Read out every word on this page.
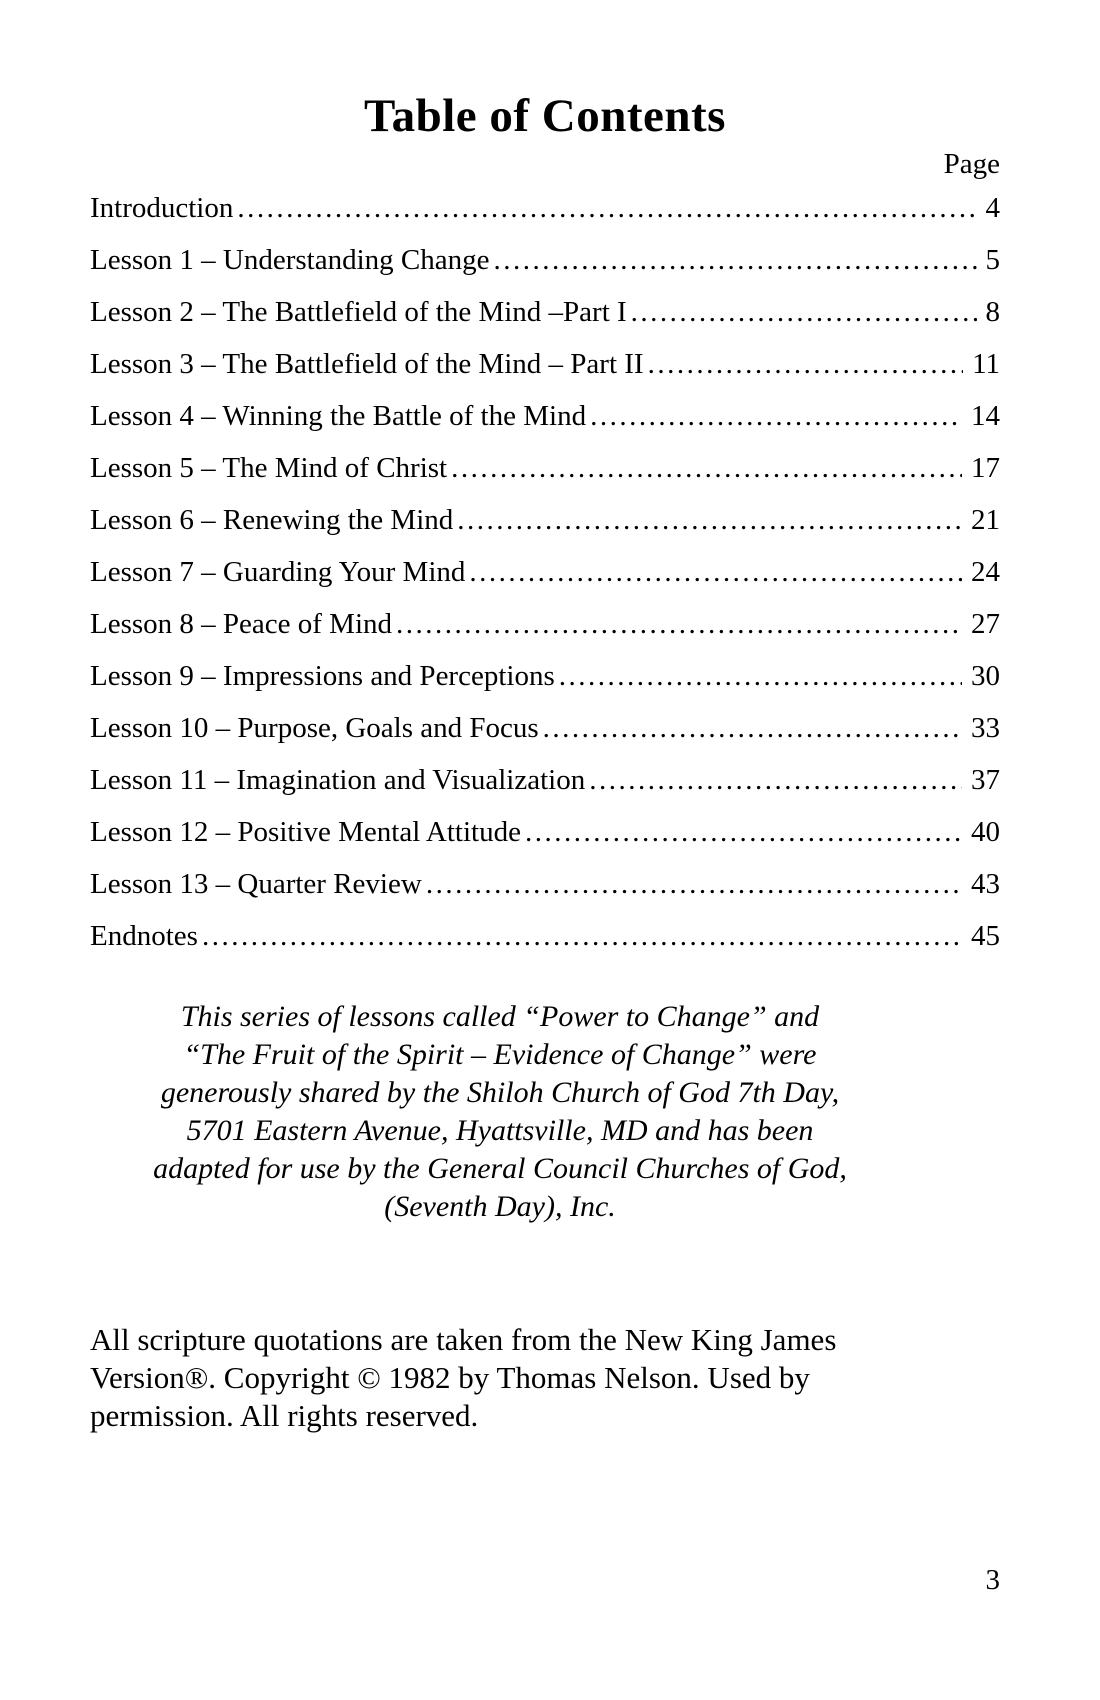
Table of Contents
Page
Introduction .....	4
Lesson 1 – Understanding Change .....	5
Lesson 2 – The Battlefield of the Mind –Part I .....	8
Lesson 3 – The Battlefield of the Mind – Part II .....	11
Lesson 4 – Winning the Battle of the Mind .....	14
Lesson 5 – The Mind of Christ .....	17
Lesson 6 – Renewing the Mind .....	21
Lesson 7 – Guarding Your Mind .....	24
Lesson 8 – Peace of Mind .....	27
Lesson 9 – Impressions and Perceptions .....	30
Lesson 10 – Purpose, Goals and Focus .....	33
Lesson 11 – Imagination and Visualization .....	37
Lesson 12 – Positive Mental Attitude .....	40
Lesson 13 – Quarter Review .....	43
Endnotes .....	45
This series of lessons called “Power to Change” and
“The Fruit of the Spirit – Evidence of Change” were
generously shared by the Shiloh Church of God 7th Day,
5701 Eastern Avenue, Hyattsville, MD and has been
adapted for use by the General Council Churches of God,
(Seventh Day), Inc.
All scripture quotations are taken from the New King James
Version®. Copyright © 1982 by Thomas Nelson. Used by
permission. All rights reserved.
3
